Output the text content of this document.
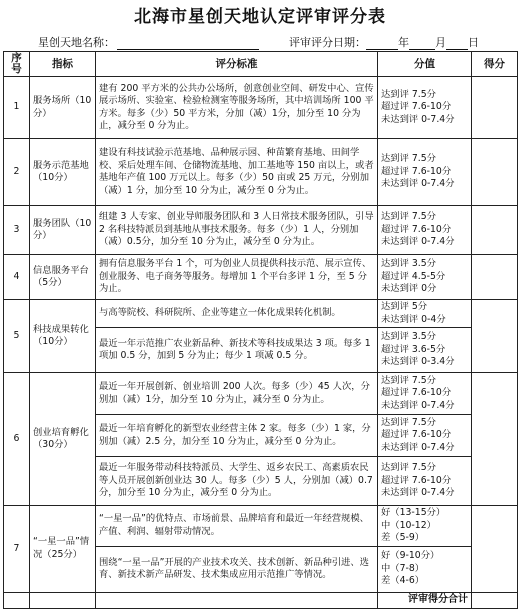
北海市星创天地认定评审评分表
星创天地名称：	评审评分日期：	年 月 日
序号	指标	评分标准	分值	得分
1	服务场所（10分）	建有 200 平方米的公共办公场所，创意创业空间、研发中心、宣传展示场所、实验室、检验检测室等服务场所，其中培训场所 100 平方米。每多（少）50 平方米，分加（减）1分，加分至 10 分为止，减分至 0 分为止。	达到评 7.5分
超过评 7.6-10分
未达到评 0-7.4分	

2	服务示范基地（10分）	建设有科技试验示范基地、品种展示园、种苗繁育基地、田间学校、采后处理车间、仓储物流基地、加工基地等 150 亩以上，或者基地年产值 100 万元以上。每多（少）50 亩或 25 万元，分别加（减）1 分，加分至 10 分为止，减分至 0 分为止。	达到评 7.5分
超过评 7.6-10分
未达到评 0-7.4分	

3	服务团队（10分）	组建 3 人专家、创业导师服务团队和 3 人日常技术服务团队，引导 2 名科技特派员到基地从事技术服务。每多（少）1 人，分别加（减）0.5分，加分至 10 分为止，减分至 0 分为止。	达到评 7.5分
超过评 7.6-10分
未达到评 0-7.4分	

4	信息服务平台（5分）	拥有信息服务平台 1 个，可为创业人员提供科技示范、展示宣传、创业服务、电子商务等服务。每增加 1 个平台多评 1 分，至 5 分为止。	达到评 3.5分
超过评 4.5-5分
未达到评 0分	

5	科技成果转化（10分）	与高等院校、科研院所、企业等建立一体化成果转化机制。	达到评 5分
未达到评 0-4分	

		最近一年示范推广农业新品种、新技术等科技成果达 3 项。每多 1 项加 0.5 分，加到 5 分为止；每少 1 项减 0.5 分。	达到评 3.5分
超过评 3.6-5分
未达到评 0-3.4分	

6	创业培育孵化（30分）	最近一年开展创新、创业培训 200 人次。每多（少）45 人次，分别加（减）1分，加分至 10 分为止，减分至 0 分为止。	达到评 7.5分
超过评 7.6-10分
未达到评 0-7.4分	

		最近一年培育孵化的新型农业经营主体 2 家。每多（少）1 家，分别加（减）2.5 分，加分至 10 分为止，减分至 0 分为止。	达到评 7.5分
超过评 7.6-10分
未达到评 0-7.4分	

		最近一年服务带动科技特派员、大学生、返乡农民工、高素质农民等人员开展创新创业达 30 人。每多（少）5 人，分别加（减）0.7分，加分至 10 分为止，减分至 0 分为止。	达到评 7.5分
超过评 7.6-10分
未达到评 0-7.4分	

7	“一星一品”情况（25分）	“一星一品”的优特点、市场前景、品牌培育和最近一年经营规模、产值、利润、辐射带动情况。	好（13-15分）
中（10-12）
差（5-9）	

		围绕“一星一品”开展的产业技术攻关、技术创新、新品种引进、选育、新技术新产品研发、技术集成应用示范推广等情况。	好（9-10分）
中（7-8）
差（4-6）	

			评审得分合计	
